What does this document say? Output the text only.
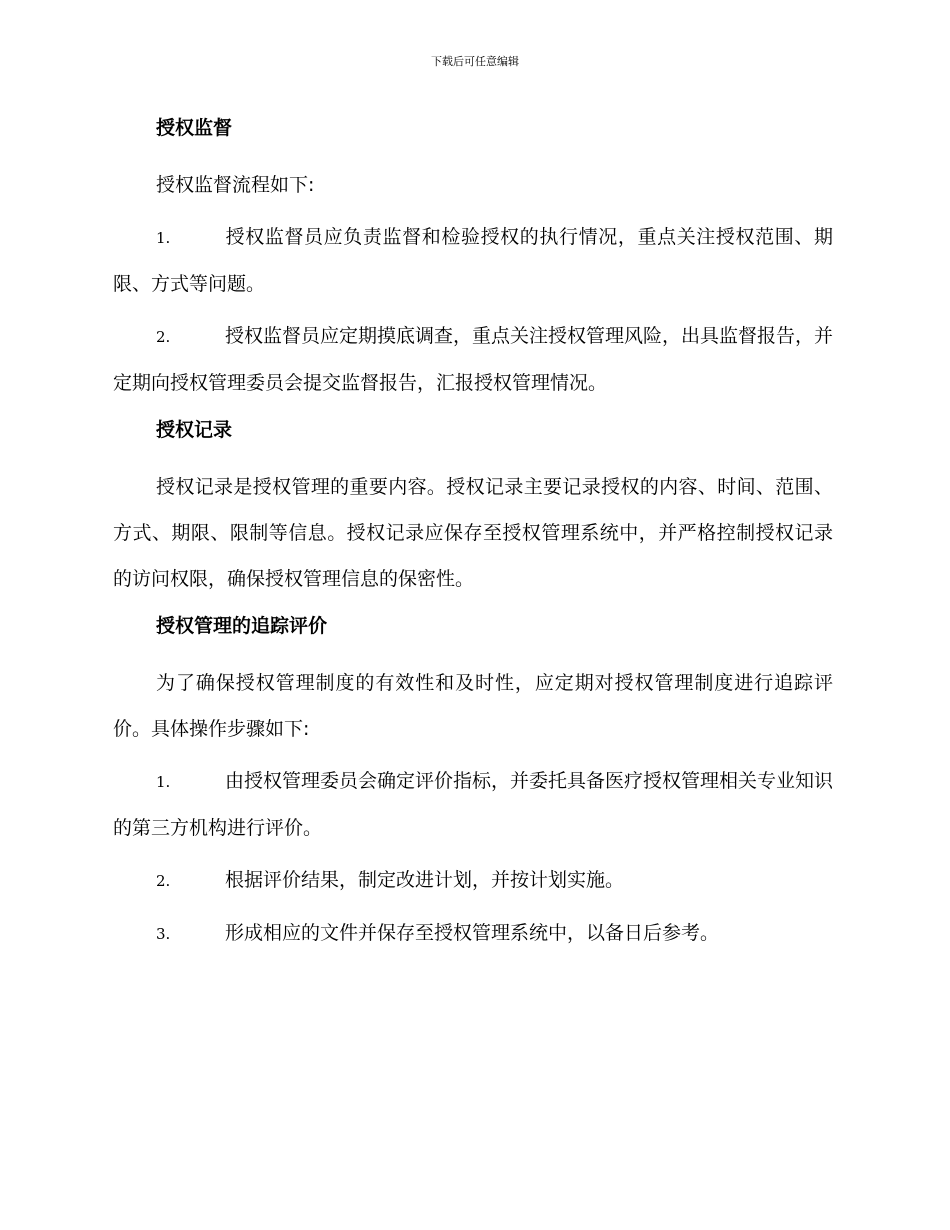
下载后可任意编辑
授权监督

授权监督流程如下:

1.	授权监督员应负责监督和检验授权的执行情况，重点关注授权范围、期限、方式等问题。

2.	授权监督员应定期摸底调查，重点关注授权管理风险，出具监督报告，并定期向授权管理委员会提交监督报告，汇报授权管理情况。

授权记录

授权记录是授权管理的重要内容。授权记录主要记录授权的内容、时间、范围、方式、期限、限制等信息。授权记录应保存至授权管理系统中，并严格控制授权记录的访问权限，确保授权管理信息的保密性。

授权管理的追踪评价

为了确保授权管理制度的有效性和及时性，应定期对授权管理制度进行追踪评价。具体操作步骤如下:

1.	由授权管理委员会确定评价指标，并委托具备医疗授权管理相关专业知识的第三方机构进行评价。

2.	根据评价结果，制定改进计划，并按计划实施。

3.	形成相应的文件并保存至授权管理系统中，以备日后参考。
